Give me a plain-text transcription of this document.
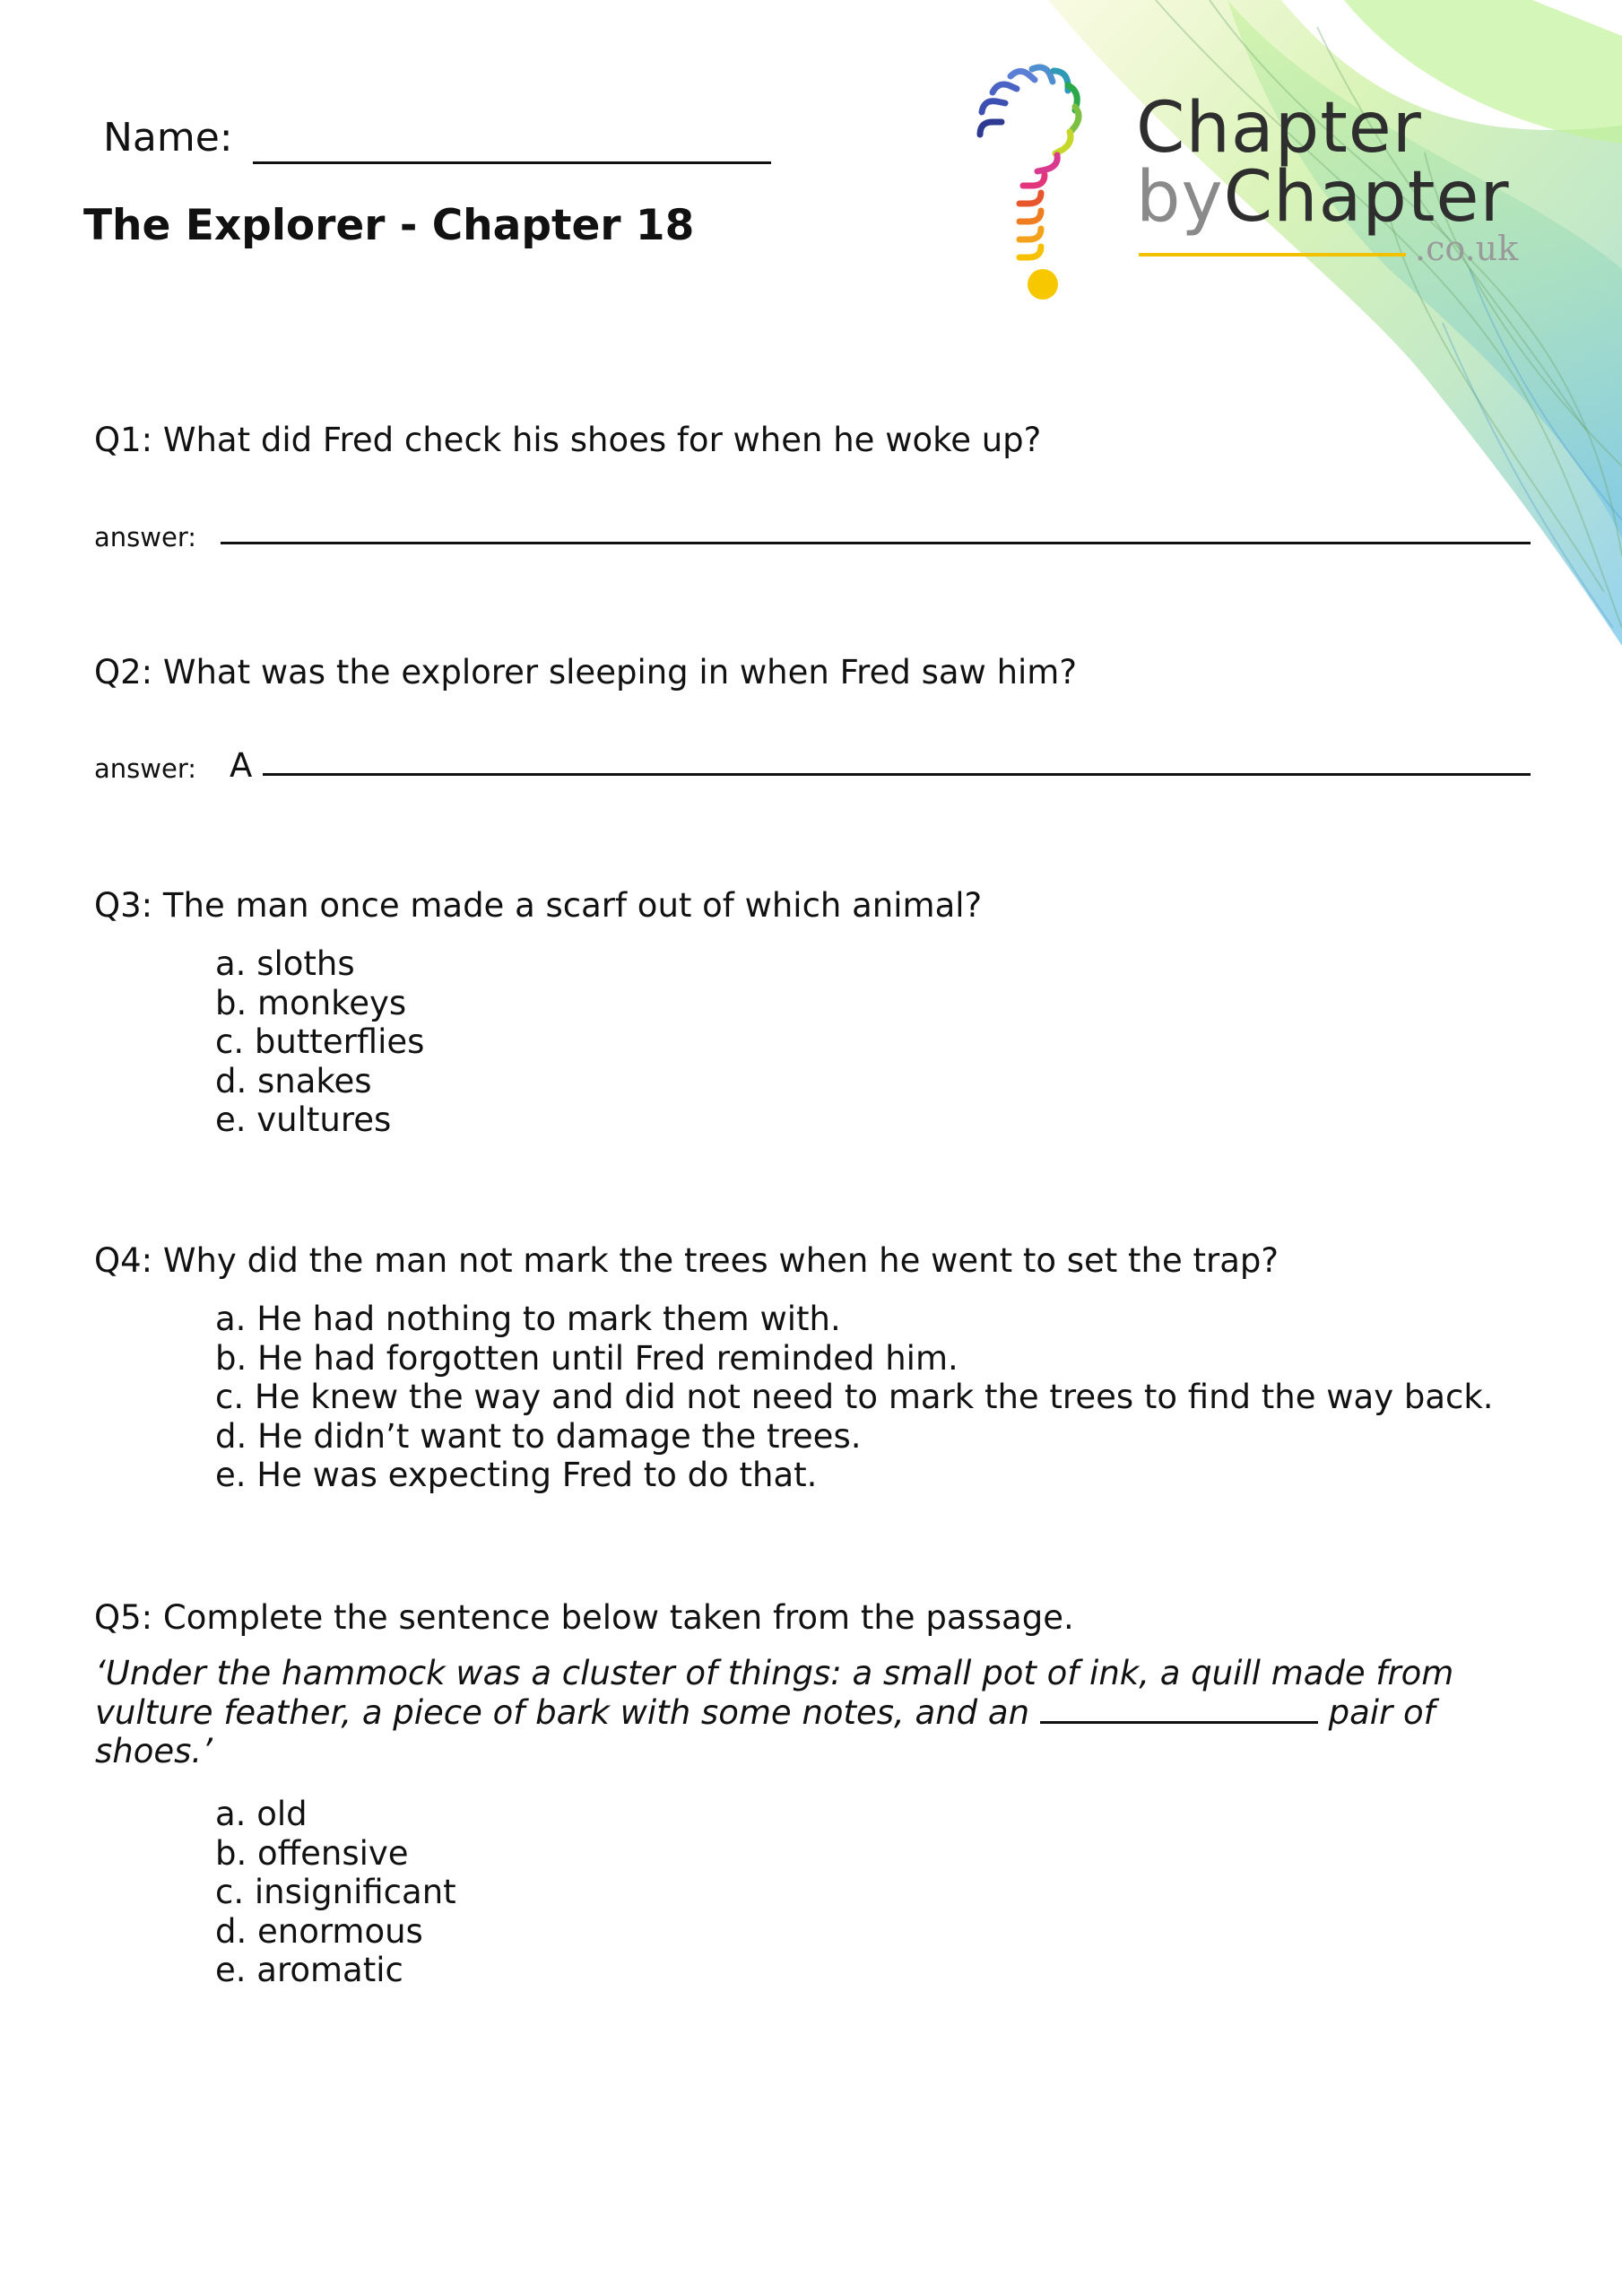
Name:
The Explorer - Chapter 18
Chapter
byChapter
.co.uk
Q1: What did Fred check his shoes for when he woke up?
answer:
Q2: What was the explorer sleeping in when Fred saw him?
answer: A
Q3: The man once made a scarf out of which animal?
a. sloths
b. monkeys
c. butterflies
d. snakes
e. vultures
Q4: Why did the man not mark the trees when he went to set the trap?
a. He had nothing to mark them with.
b. He had forgotten until Fred reminded him.
c. He knew the way and did not need to mark the trees to find the way back.
d. He didn’t want to damage the trees.
e. He was expecting Fred to do that.
Q5: Complete the sentence below taken from the passage.

‘Under the hammock was a cluster of things: a small pot of ink, a quill made from vulture feather, a piece of bark with some notes, and an	pair of shoes.’

a. old
b. offensive
c. insignificant
d. enormous
e. aromatic
